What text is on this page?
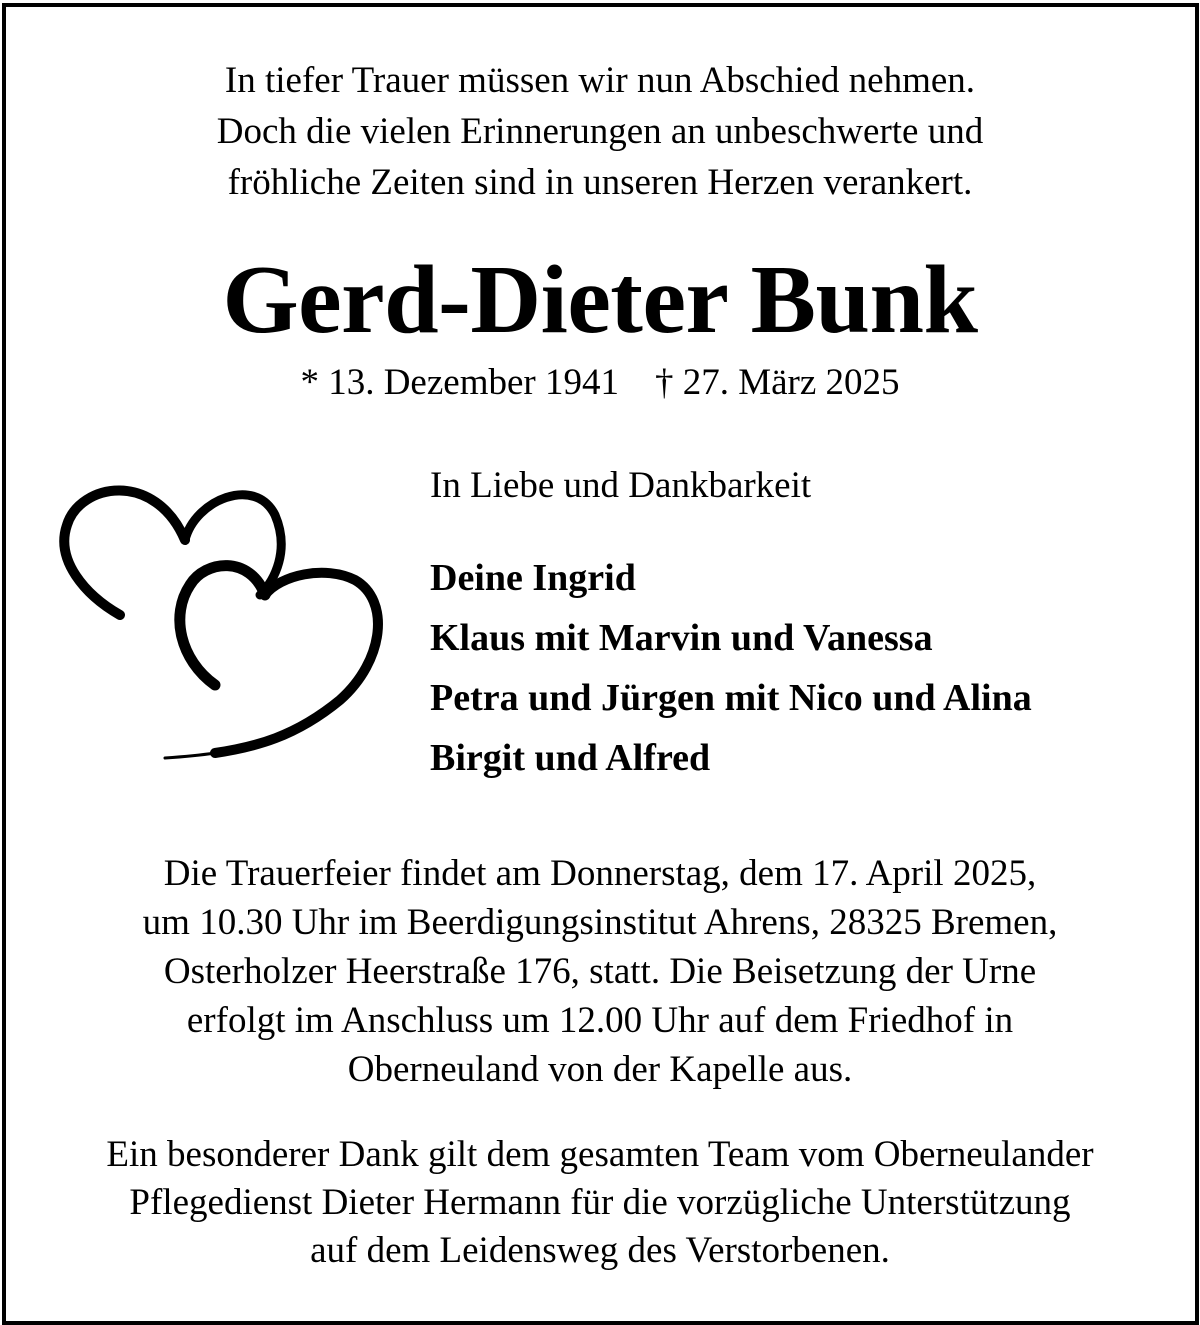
In tiefer Trauer müssen wir nun Abschied nehmen.
Doch die vielen Erinnerungen an unbeschwerte und
fröhliche Zeiten sind in unseren Herzen verankert.
Gerd-Dieter Bunk
* 13. Dezember 1941 † 27. März 2025
In Liebe und Dankbarkeit
Deine Ingrid
Klaus mit Marvin und Vanessa
Petra und Jürgen mit Nico und Alina
Birgit und Alfred
Die Trauerfeier findet am Donnerstag, dem 17. April 2025,
um 10.30 Uhr im Beerdigungsinstitut Ahrens, 28325 Bremen,
Osterholzer Heerstraße 176, statt. Die Beisetzung der Urne
erfolgt im Anschluss um 12.00 Uhr auf dem Friedhof in
Oberneuland von der Kapelle aus.
Ein besonderer Dank gilt dem gesamten Team vom Oberneulander
Pflegedienst Dieter Hermann für die vorzügliche Unterstützung
auf dem Leidensweg des Verstorbenen.
